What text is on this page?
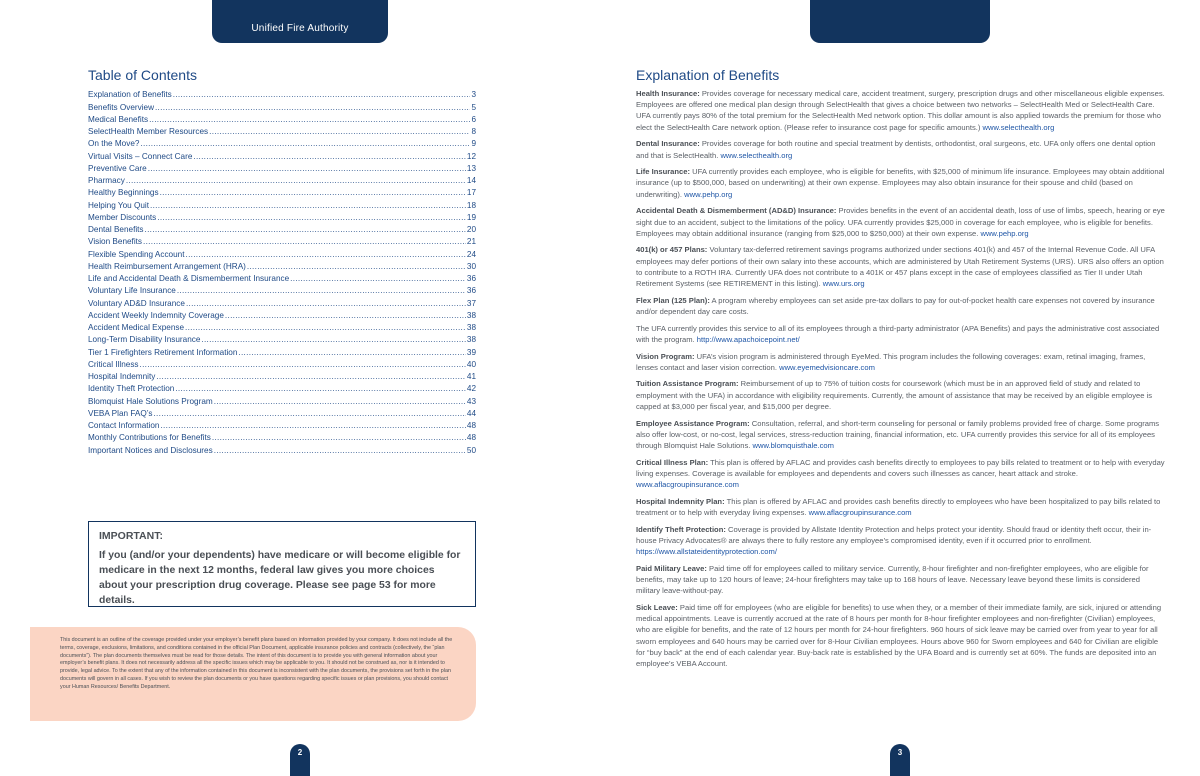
Unified Fire Authority
Table of Contents
Explanation of Benefits .....	3
Benefits Overview .....	5
Medical Benefits .....	6
SelectHealth Member Resources .....	8
On the Move? .....	9
Virtual Visits – Connect Care .....	12
Preventive Care .....	13
Pharmacy .....	14
Healthy Beginnings .....	17
Helping You Quit .....	18
Member Discounts .....	19
Dental Benefits .....	20
Vision Benefits .....	21
Flexible Spending Account .....	24
Health Reimbursement Arrangement (HRA) .....	30
Life and Accidental Death & Dismemberment Insurance .....	36
Voluntary Life Insurance .....	36
Voluntary AD&D Insurance .....	37
Accident Weekly Indemnity Coverage .....	38
Accident Medical Expense .....	38
Long-Term Disability Insurance .....	38
Tier 1 Firefighters Retirement Information .....	39
Critical Illness .....	40
Hospital Indemnity .....	41
Identity Theft Protection .....	42
Blomquist Hale Solutions Program .....	43
VEBA Plan FAQ’s .....	44
Contact Information .....	48
Monthly Contributions for Benefits .....	48
Important Notices and Disclosures .....	50
IMPORTANT:
If you (and/or your dependents) have medicare or will become eligible for medicare in the next 12 months, federal law gives you more choices about your prescription drug coverage. Please see page 53 for more details.
This document is an outline of the coverage provided under your employer’s benefit plans based on information provided by your company. It does not include all the terms, coverage, exclusions, limitations, and conditions contained in the official Plan Document, applicable insurance policies and contracts (collectively, the “plan documents”). The plan documents themselves must be read for those details. The intent of this document is to provide you with general information about your employer’s benefit plans. It does not necessarily address all the specific issues which may be applicable to you. It should not be construed as, nor is it intended to provide, legal advice. To the extent that any of the information contained in this document is inconsistent with the plan documents, the provisions set forth in the plan documents will govern in all cases. If you wish to review the plan documents or you have questions regarding specific issues or plan provisions, you should contact your Human Resources/ Benefits Department.
Explanation of Benefits

Health Insurance: Provides coverage for necessary medical care, accident treatment, surgery, prescription drugs and other miscellaneous eligible expenses. Employees are offered one medical plan design through SelectHealth that gives a choice between two networks – SelectHealth Med or SelectHealth Care. UFA currently pays 80% of the total premium for the SelectHealth Med network option. This dollar amount is also applied towards the premium for those who elect the SelectHealth Care network option. (Please refer to insurance cost page for specific amounts.) www.selecthealth.org

Dental Insurance: Provides coverage for both routine and special treatment by dentists, orthodontist, oral surgeons, etc. UFA only offers one dental option and that is SelectHealth. www.selecthealth.org

Life Insurance: UFA currently provides each employee, who is eligible for benefits, with $25,000 of minimum life insurance. Employees may obtain additional insurance (up to $500,000, based on underwriting) at their own expense. Employees may also obtain insurance for their spouse and child (based on underwriting). www.pehp.org

Accidental Death & Dismemberment (AD&D) Insurance: Provides benefits in the event of an accidental death, loss of use of limbs, speech, hearing or eye sight due to an accident, subject to the limitations of the policy. UFA currently provides $25,000 in coverage for each employee, who is eligible for benefits. Employees may obtain additional insurance (ranging from $25,000 to $250,000) at their own expense. www.pehp.org

401(k) or 457 Plans: Voluntary tax-deferred retirement savings programs authorized under sections 401(k) and 457 of the Internal Revenue Code. All UFA employees may defer portions of their own salary into these accounts, which are administered by Utah Retirement Systems (URS). URS also offers an option to contribute to a ROTH IRA. Currently UFA does not contribute to a 401K or 457 plans except in the case of employees classified as Tier II under Utah Retirement Systems (see RETIREMENT in this listing). www.urs.org

Flex Plan (125 Plan): A program whereby employees can set aside pre-tax dollars to pay for out-of-pocket health care expenses not covered by insurance and/or dependent day care costs.

The UFA currently provides this service to all of its employees through a third-party administrator (APA Benefits) and pays the administrative cost associated with the program. http://www.apachoicepoint.net/

Vision Program: UFA’s vision program is administered through EyeMed. This program includes the following coverages: exam, retinal imaging, frames, lenses contact and laser vision correction. www.eyemedvisioncare.com

Tuition Assistance Program: Reimbursement of up to 75% of tuition costs for coursework (which must be in an approved field of study and related to employment with the UFA) in accordance with eligibility requirements. Currently, the amount of assistance that may be received by an eligible employee is capped at $3,000 per fiscal year, and $15,000 per degree.

Employee Assistance Program: Consultation, referral, and short-term counseling for personal or family problems provided free of charge. Some programs also offer low-cost, or no-cost, legal services, stress-reduction training, financial information, etc. UFA currently provides this service for all of its employees through Blomquist Hale Solutions. www.blomquisthale.com

Critical Illness Plan: This plan is offered by AFLAC and provides cash benefits directly to employees to pay bills related to treatment or to help with everyday living expenses. Coverage is available for employees and dependents and covers such illnesses as cancer, heart attack and stroke. www.aflacgroupinsurance.com

Hospital Indemnity Plan: This plan is offered by AFLAC and provides cash benefits directly to employees who have been hospitalized to pay bills related to treatment or to help with everyday living expenses. www.aflacgroupinsurance.com

Identify Theft Protection: Coverage is provided by Allstate Identity Protection and helps protect your identity. Should fraud or identity theft occur, their in-house Privacy Advocates® are always there to fully restore any employee’s compromised identity, even if it occurred prior to enrollment. https://www.allstateidentityprotection.com/

Paid Military Leave: Paid time off for employees called to military service. Currently, 8-hour firefighter and non-firefighter employees, who are eligible for benefits, may take up to 120 hours of leave; 24-hour firefighters may take up to 168 hours of leave. Necessary leave beyond these limits is considered military leave-without-pay.

Sick Leave: Paid time off for employees (who are eligible for benefits) to use when they, or a member of their immediate family, are sick, injured or attending medical appointments. Leave is currently accrued at the rate of 8 hours per month for 8-hour firefighter employees and non-firefighter (Civilian) employees, who are eligible for benefits, and the rate of 12 hours per month for 24-hour firefighters. 960 hours of sick leave may be carried over from year to year for all sworn employees and 640 hours may be carried over for 8-Hour Civilian employees. Hours above 960 for Sworn employees and 640 for Civilian are eligible for “buy back” at the end of each calendar year. Buy-back rate is established by the UFA Board and is currently set at 60%. The funds are deposited into an employee’s VEBA Account.

2	3
